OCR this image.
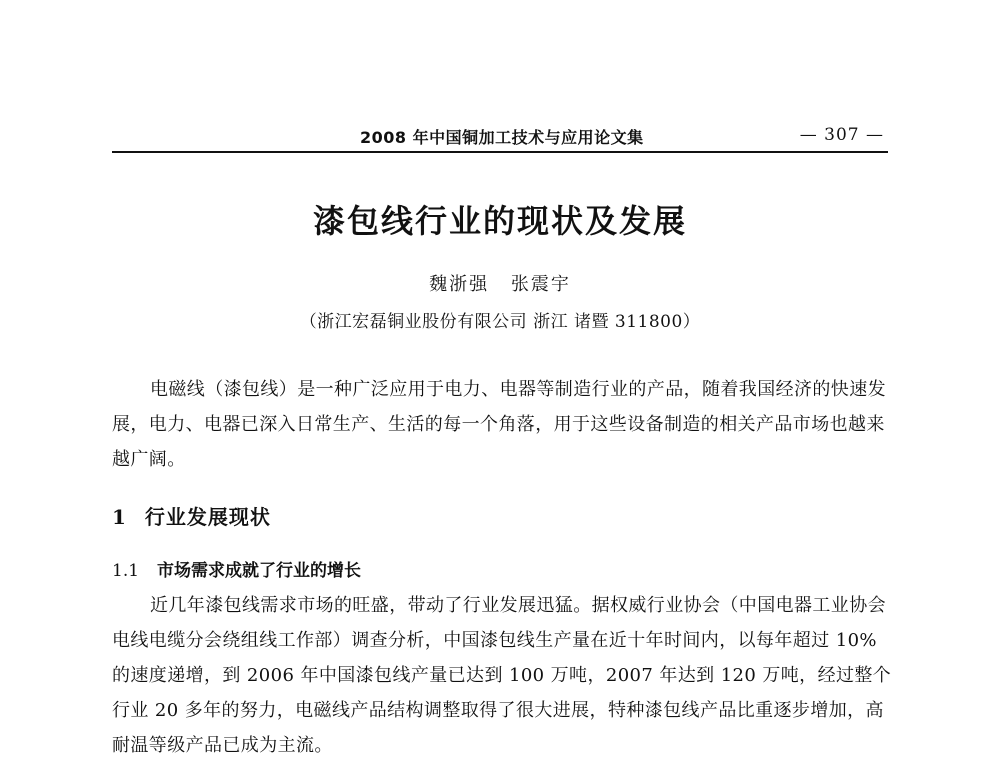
2008 年中国铜加工技术与应用论文集	— 307 —
漆包线行业的现状及发展
魏浙强 张震宇
（浙江宏磊铜业股份有限公司 浙江 诸暨 311800）

电磁线（漆包线）是一种广泛应用于电力、电器等制造行业的产品，随着我国经济的快速发展，电力、电器已深入日常生产、生活的每一个角落，用于这些设备制造的相关产品市场也越来越广阔。

1 行业发展现状
1.1 市场需求成就了行业的增长

近几年漆包线需求市场的旺盛，带动了行业发展迅猛。据权威行业协会（中国电器工业协会电线电缆分会绕组线工作部）调查分析，中国漆包线生产量在近十年时间内，以每年超过 10%的速度递增，到 2006 年中国漆包线产量已达到 100 万吨，2007 年达到 120 万吨，经过整个行业 20 多年的努力，电磁线产品结构调整取得了很大进展，特种漆包线产品比重逐步增加，高耐温等级产品已成为主流。
